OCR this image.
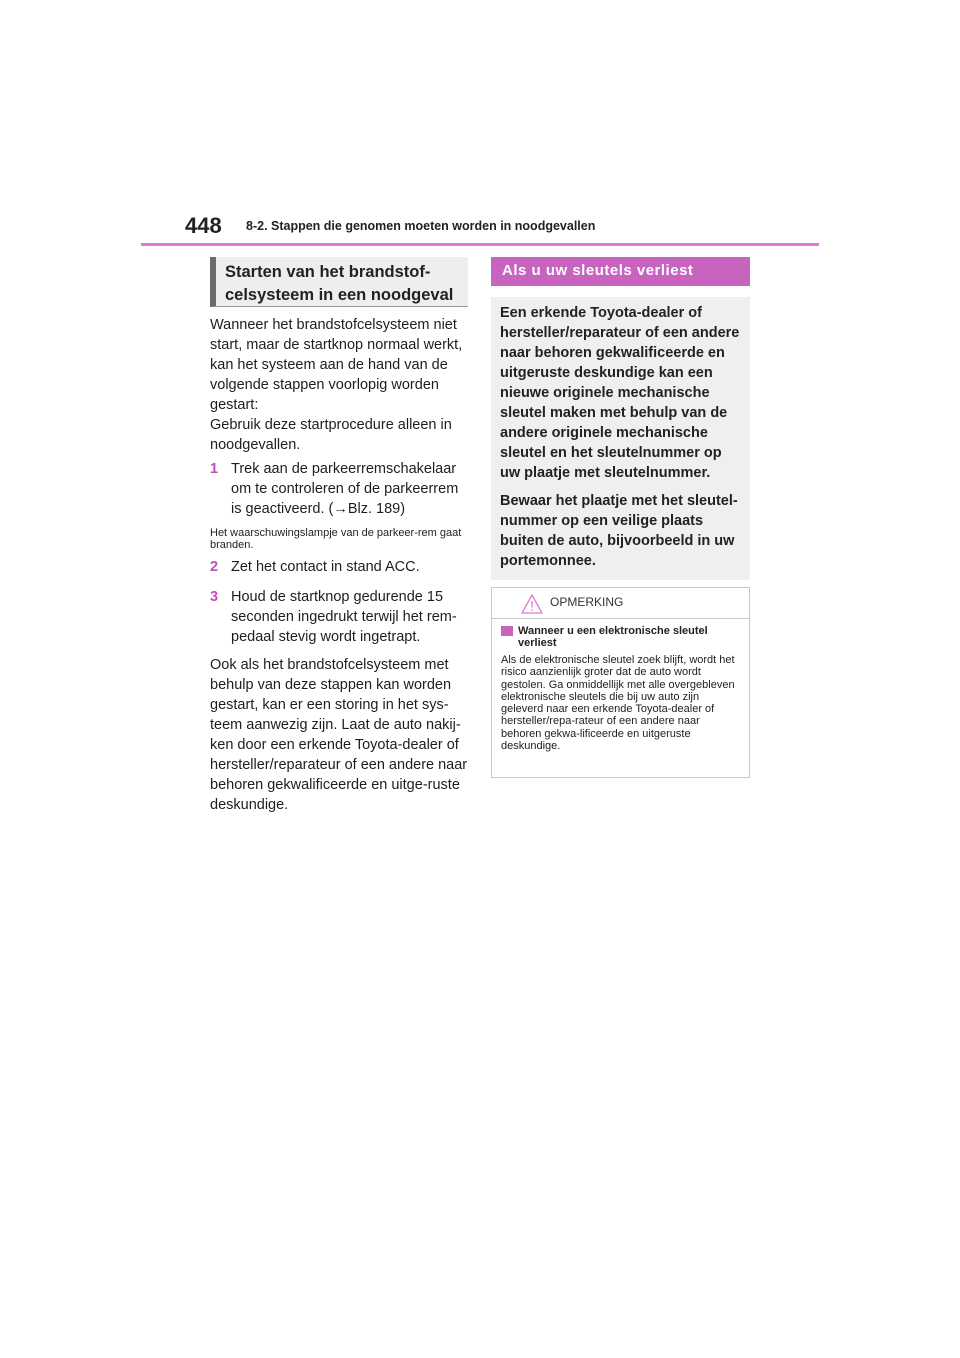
448 8-2. Stappen die genomen moeten worden in noodgevallen
Starten van het brandstof-celsysteem in een noodgeval

Wanneer het brandstofcelsysteem niet start, maar de startknop normaal werkt, kan het systeem aan de hand van de volgende stappen voorlopig worden gestart:

Gebruik deze startprocedure alleen in noodgevallen.

1 Trek aan de parkeerremschakelaar om te controleren of de parkeerrem is geactiveerd. (→Blz. 189)

Het waarschuwingslampje van de parkeer-rem gaat branden.

2 Zet het contact in stand ACC.
3 Houd de startknop gedurende 15 seconden ingedrukt terwijl het rem-pedaal stevig wordt ingetrapt.

Ook als het brandstofcelsysteem met behulp van deze stappen kan worden gestart, kan er een storing in het sys-teem aanwezig zijn. Laat de auto nakij-ken door een erkende Toyota-dealer of hersteller/reparateur of een andere naar behoren gekwalificeerde en uitge-ruste deskundige.

Als u uw sleutels verliest

Een erkende Toyota-dealer of hersteller/reparateur of een andere naar behoren gekwalificeerde en uitgeruste deskundige kan een nieuwe originele mechanische sleutel maken met behulp van de andere originele mechanische sleutel en het sleutelnummer op uw plaatje met sleutelnummer.

Bewaar het plaatje met het sleutel-nummer op een veilige plaats buiten de auto, bijvoorbeeld in uw portemonnee.

OPMERKING
Wanneer u een elektronische sleutel verliest

Als de elektronische sleutel zoek blijft, wordt het risico aanzienlijk groter dat de auto wordt gestolen. Ga onmiddellijk met alle overgebleven elektronische sleutels die bij uw auto zijn geleverd naar een erkende Toyota-dealer of hersteller/repa-rateur of een andere naar behoren gekwa-lificeerde en uitgeruste deskundige.
